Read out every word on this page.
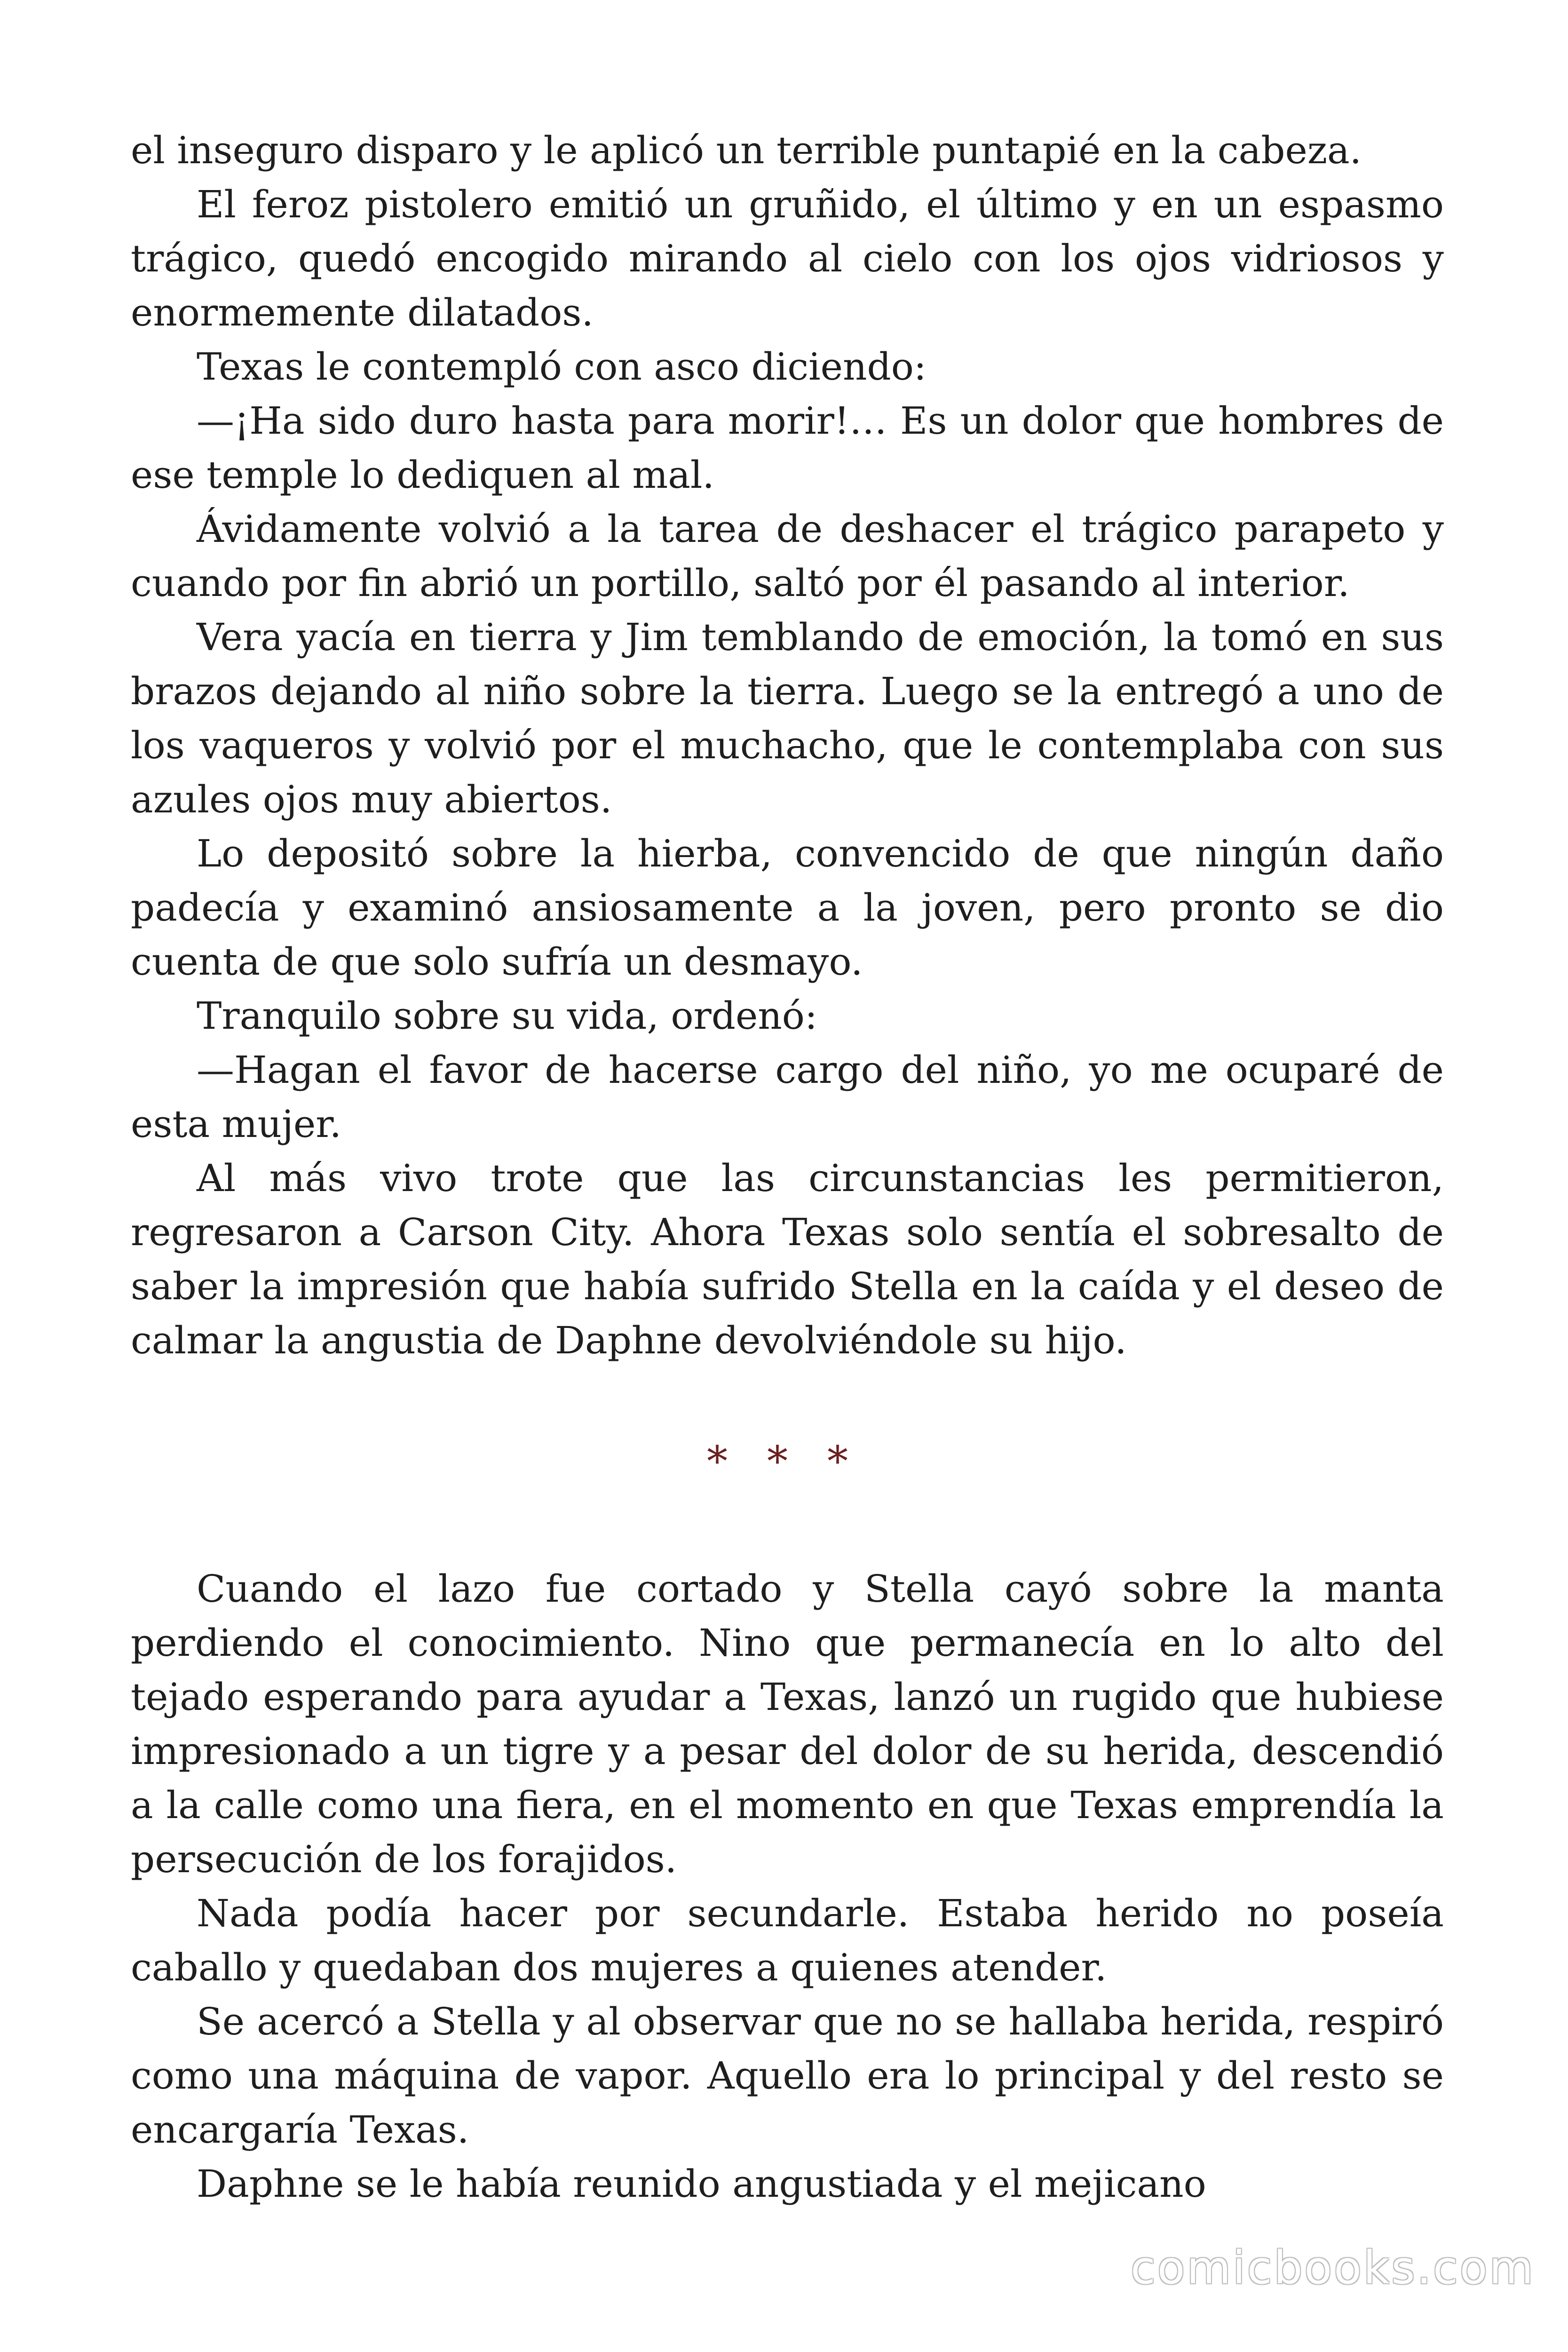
el inseguro disparo y le aplicó un terrible puntapié en la cabeza.

El feroz pistolero emitió un gruñido, el último y en un espasmo trágico, quedó encogido mirando al cielo con los ojos vidriosos y enormemente dilatados.

Texas le contempló con asco diciendo:

—¡Ha sido duro hasta para morir!… Es un dolor que hombres de ese temple lo dediquen al mal.

Ávidamente volvió a la tarea de deshacer el trágico parapeto y cuando por fin abrió un portillo, saltó por él pasando al interior.

Vera yacía en tierra y Jim temblando de emoción, la tomó en sus brazos dejando al niño sobre la tierra. Luego se la entregó a uno de los vaqueros y volvió por el muchacho, que le contemplaba con sus azules ojos muy abiertos.

Lo depositó sobre la hierba, convencido de que ningún daño padecía y examinó ansiosamente a la joven, pero pronto se dio cuenta de que solo sufría un desmayo.

Tranquilo sobre su vida, ordenó:

—Hagan el favor de hacerse cargo del niño, yo me ocuparé de esta mujer.

Al más vivo trote que las circunstancias les permitieron, regresaron a Carson City. Ahora Texas solo sentía el sobresalto de saber la impresión que había sufrido Stella en la caída y el deseo de calmar la angustia de Daphne devolviéndole su hijo.

* * *

Cuando el lazo fue cortado y Stella cayó sobre la manta perdiendo el conocimiento. Nino que permanecía en lo alto del tejado esperando para ayudar a Texas, lanzó un rugido que hubiese impresionado a un tigre y a pesar del dolor de su herida, descendió a la calle como una fiera, en el momento en que Texas emprendía la persecución de los forajidos.

Nada podía hacer por secundarle. Estaba herido no poseía caballo y quedaban dos mujeres a quienes atender.

Se acercó a Stella y al observar que no se hallaba herida, respiró como una máquina de vapor. Aquello era lo principal y del resto se encargaría Texas.

Daphne se le había reunido angustiada y el mejicano

comicbooks.com
